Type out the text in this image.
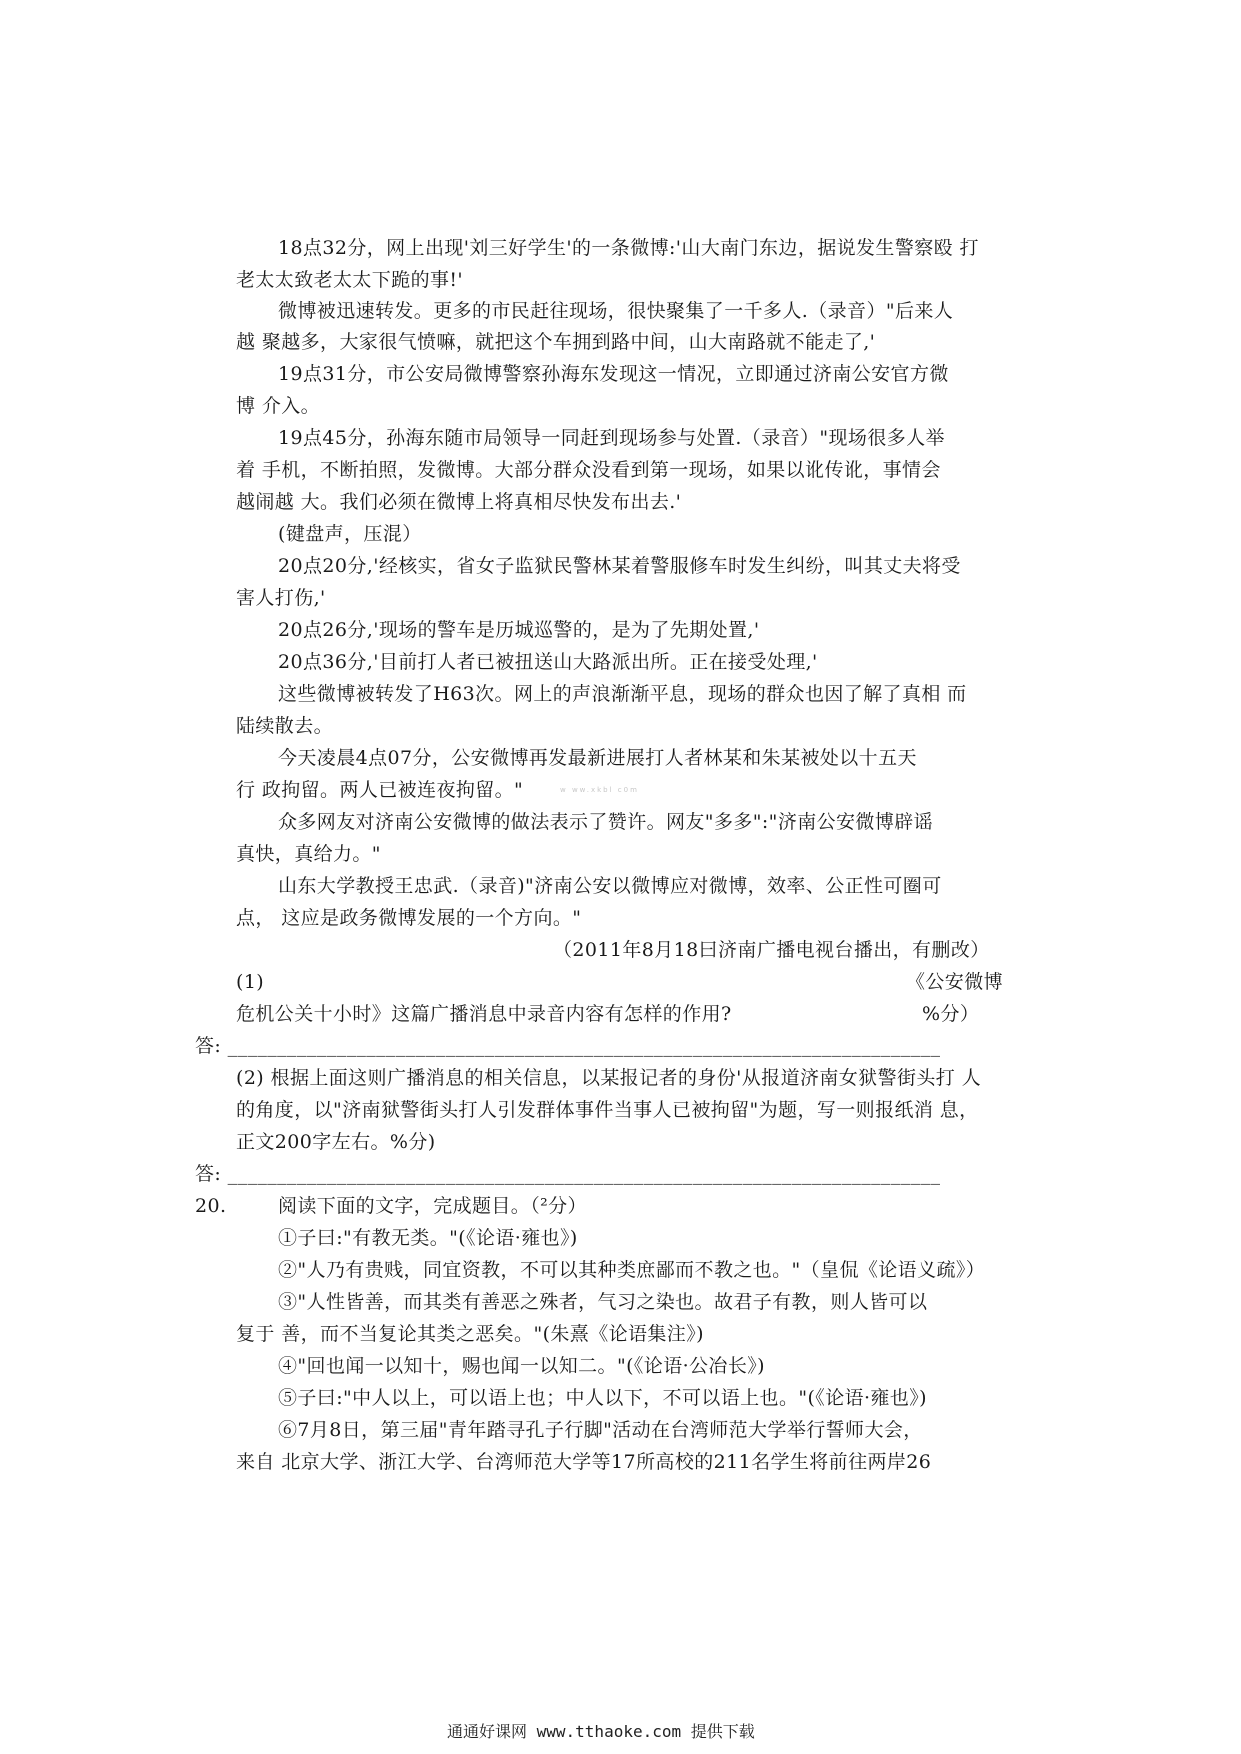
18点32分，网上出现'刘三好学生'的一条微博:'山大南门东边，据说发生警察殴 打
老太太致老太太下跪的事!'
微博被迅速转发。更多的市民赶往现场，很快聚集了一千多人.（录音）"后来人
越 聚越多，大家很气愤嘛，就把这个车拥到路中间，山大南路就不能走了,'
19点31分，市公安局微博警察孙海东发现这一情况，立即通过济南公安官方微
博 介入。
19点45分，孙海东随市局领导一同赶到现场参与处置.（录音）"现场很多人举
着 手机，不断拍照，发微博。大部分群众没看到第一现场，如果以讹传讹，事情会
越闹越 大。我们必须在微博上将真相尽快发布出去.'
(键盘声，压混）
20点20分,'经核实，省女子监狱民警林某着警服修车时发生纠纷，叫其丈夫将受
害人打伤,'
20点26分,'现场的警车是历城巡警的，是为了先期处置,'
20点36分,'目前打人者已被扭送山大路派出所。正在接受处理,'
这些微博被转发了H63次。网上的声浪渐渐平息，现场的群众也因了解了真相 而
陆续散去。
今天凌晨4点07分，公安微博再发最新进展打人者林某和朱某被处以十五天
行 政拘留。两人已被连夜拘留。"	w ww.xkbl c0m
众多网友对济南公安微博的做法表示了赞许。网友"多多":"济南公安微博辟谣
真快，真给力。"
山东大学教授王忠武.（录音)"济南公安以微博应对微博，效率、公正性可圈可
点， 这应是政务微博发展的一个方向。"
（2011年8月18曰济南广播电视台播出，有删改）
(1)	《公安微博
危机公关十小时》这篇广播消息中录音内容有怎样的作用?	%分）
答: ________________________________________________________________________
(2) 根据上面这则广播消息的相关信息，以某报记者的身份'从报道济南女狱警街头打 人
的角度，以"济南狱警街头打人引发群体事件当事人已被拘留"为题，写一则报纸消 息，
正文200字左右。%分)
答: ________________________________________________________________________
20.	阅读下面的文字，完成题目。（²分）
①子曰:"有教无类。"(《论语·雍也》)
②"人乃有贵贱，同宜资教，不可以其种类庶鄙而不教之也。"（皇侃《论语义疏》）
③"人性皆善，而其类有善恶之殊者，气习之染也。故君子有教，则人皆可以
复于 善，而不当复论其类之恶矣。"(朱熹《论语集注》)
④"回也闻一以知十，赐也闻一以知二。"(《论语·公冶长》)
⑤子曰:"中人以上，可以语上也；中人以下，不可以语上也。"(《论语·雍也》)
⑥7月8日，第三届"青年踏寻孔子行脚"活动在台湾师范大学举行誓师大会，
来自 北京大学、浙江大学、台湾师范大学等17所高校的211名学生将前往两岸26
通通好课网 www.tthaoke.com 提供下载
